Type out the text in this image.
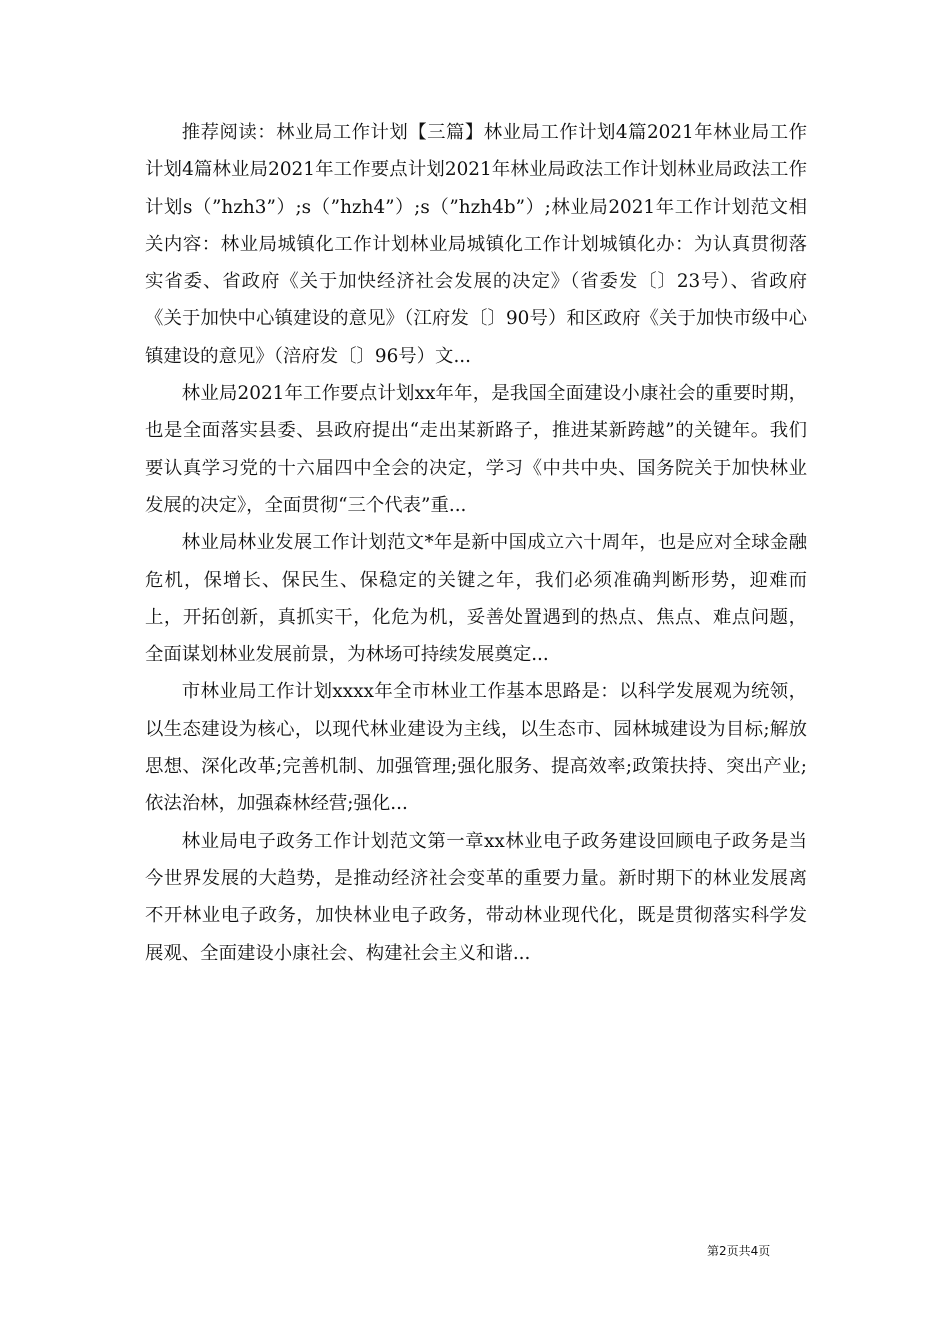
推荐阅读：林业局工作计划【三篇】林业局工作计划4篇2021年林业局工作计划4篇林业局2021年工作要点计划2021年林业局政法工作计划林业局政法工作计划s（”hzh3”）;s（”hzh4”）;s（”hzh4b”）;林业局2021年工作计划范文相关内容：林业局城镇化工作计划林业局城镇化工作计划城镇化办：为认真贯彻落实省委、省政府《关于加快经济社会发展的决定》（省委发〔〕23号）、省政府《关于加快中心镇建设的意见》（江府发〔〕90号）和区政府《关于加快市级中心镇建设的意见》（涪府发〔〕96号）文...

林业局2021年工作要点计划xx年年，是我国全面建设小康社会的重要时期，也是全面落实县委、县政府提出“走出某新路子，推进某新跨越”的关键年。我们要认真学习党的十六届四中全会的决定，学习《中共中央、国务院关于加快林业发展的决定》，全面贯彻“三个代表”重...

林业局林业发展工作计划范文*年是新中国成立六十周年，也是应对全球金融危机，保增长、保民生、保稳定的关键之年，我们必须准确判断形势，迎难而上，开拓创新，真抓实干，化危为机，妥善处置遇到的热点、焦点、难点问题，全面谋划林业发展前景，为林场可持续发展奠定...

市林业局工作计划xxxx年全市林业工作基本思路是：以科学发展观为统领，以生态建设为核心，以现代林业建设为主线，以生态市、园林城建设为目标;解放思想、深化改革;完善机制、加强管理;强化服务、提高效率;政策扶持、突出产业;依法治林，加强森林经营;强化...

林业局电子政务工作计划范文第一章xx林业电子政务建设回顾电子政务是当今世界发展的大趋势，是推动经济社会变革的重要力量。新时期下的林业发展离不开林业电子政务，加快林业电子政务，带动林业现代化，既是贯彻落实科学发展观、全面建设小康社会、构建社会主义和谐...

第2页共4页
